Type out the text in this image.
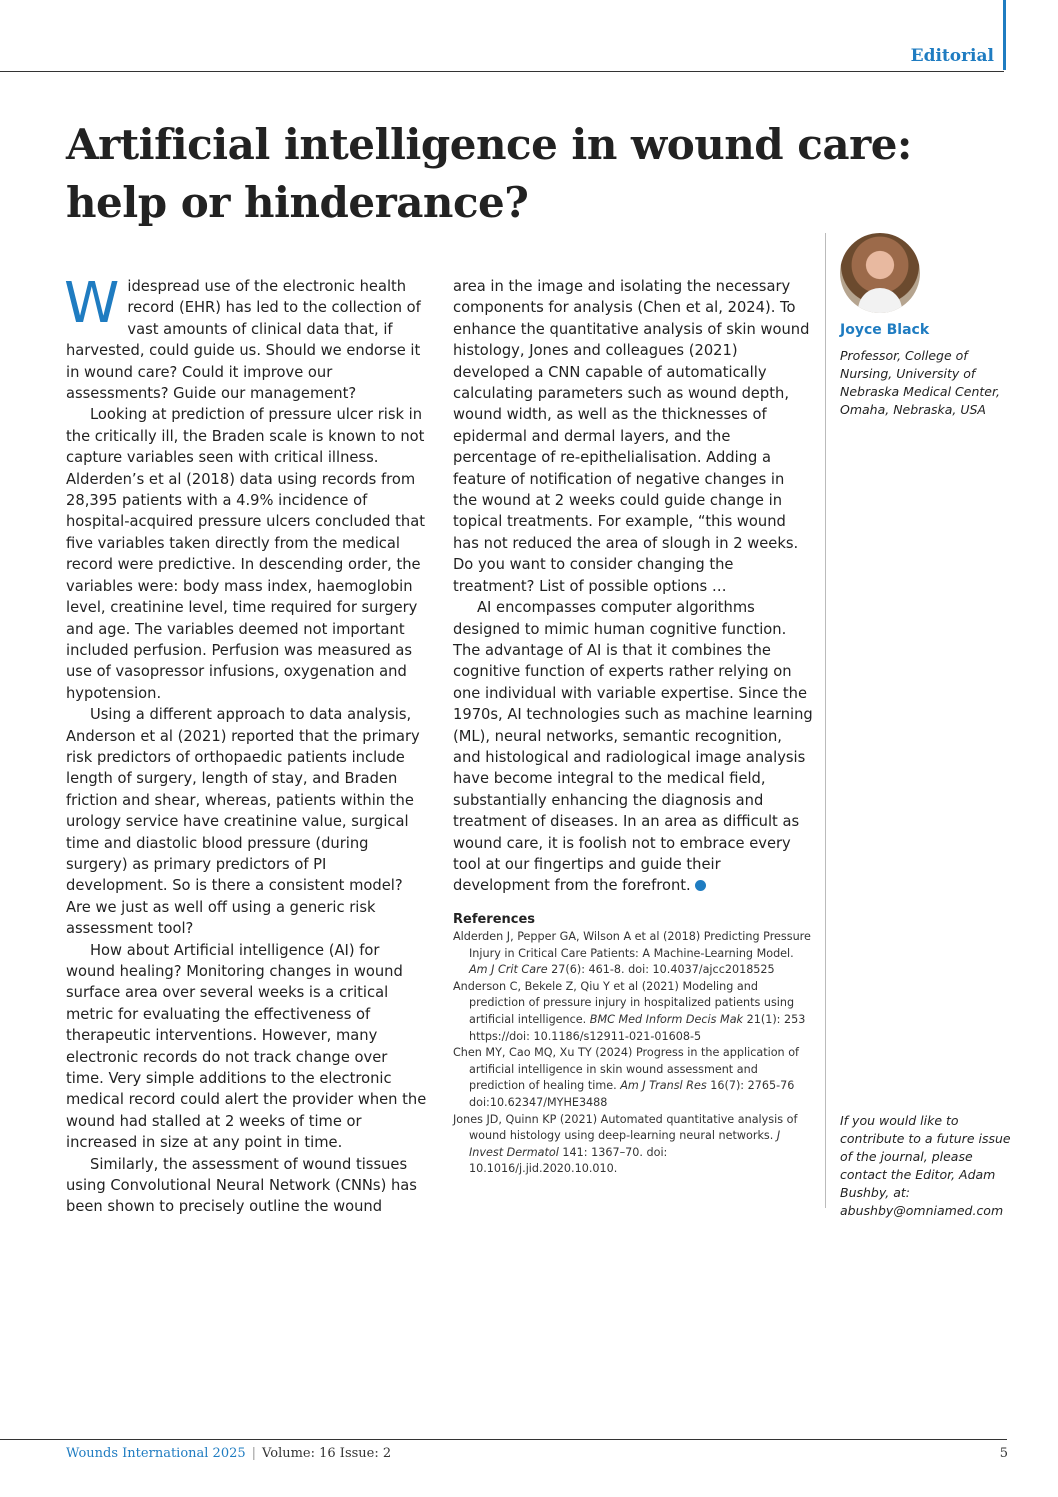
Editorial
Artificial intelligence in wound care: help or hinderance?

Widespread use of the electronic health record (EHR) has led to the collection of vast amounts of clinical data that, if harvested, could guide us. Should we endorse it in wound care? Could it improve our assessments? Guide our management?

Looking at prediction of pressure ulcer risk in the critically ill, the Braden scale is known to not capture variables seen with critical illness. Alderden’s et al (2018) data using records from 28,395 patients with a 4.9% incidence of hospital-acquired pressure ulcers concluded that five variables taken directly from the medical record were predictive. In descending order, the variables were: body mass index, haemoglobin level, creatinine level, time required for surgery and age. The variables deemed not important included perfusion. Perfusion was measured as use of vasopressor infusions, oxygenation and hypotension.

Using a different approach to data analysis, Anderson et al (2021) reported that the primary risk predictors of orthopaedic patients include length of surgery, length of stay, and Braden friction and shear, whereas, patients within the urology service have creatinine value, surgical time and diastolic blood pressure (during surgery) as primary predictors of PI development. So is there a consistent model? Are we just as well off using a generic risk assessment tool?

How about Artificial intelligence (AI) for wound healing? Monitoring changes in wound surface area over several weeks is a critical metric for evaluating the effectiveness of therapeutic interventions. However, many electronic records do not track change over time. Very simple additions to the electronic medical record could alert the provider when the wound had stalled at 2 weeks of time or increased in size at any point in time.

Similarly, the assessment of wound tissues using Convolutional Neural Network (CNNs) has been shown to precisely outline the wound

area in the image and isolating the necessary components for analysis (Chen et al, 2024). To enhance the quantitative analysis of skin wound histology, Jones and colleagues (2021) developed a CNN capable of automatically calculating parameters such as wound depth, wound width, as well as the thicknesses of epidermal and dermal layers, and the percentage of re-epithelialisation. Adding a feature of notification of negative changes in the wound at 2 weeks could guide change in topical treatments. For example, “this wound has not reduced the area of slough in 2 weeks. Do you want to consider changing the treatment? List of possible options …

AI encompasses computer algorithms designed to mimic human cognitive function. The advantage of AI is that it combines the cognitive function of experts rather relying on one individual with variable expertise. Since the 1970s, AI technologies such as machine learning (ML), neural networks, semantic recognition, and histological and radiological image analysis have become integral to the medical field, substantially enhancing the diagnosis and treatment of diseases. In an area as difficult as wound care, it is foolish not to embrace every tool at our fingertips and guide their development from the forefront.

References

Alderden J, Pepper GA, Wilson A et al (2018) Predicting Pressure Injury in Critical Care Patients: A Machine-Learning Model. Am J Crit Care 27(6): 461-8. doi: 10.4037/ajcc2018525

Anderson C, Bekele Z, Qiu Y et al (2021) Modeling and prediction of pressure injury in hospitalized patients using artificial intelligence. BMC Med Inform Decis Mak 21(1): 253 https://doi: 10.1186/s12911-021-01608-5

Chen MY, Cao MQ, Xu TY (2024) Progress in the application of artificial intelligence in skin wound assessment and prediction of healing time. Am J Transl Res 16(7): 2765-76 doi:10.62347/MYHE3488

Jones JD, Quinn KP (2021) Automated quantitative analysis of wound histology using deep-learning neural networks. J Invest Dermatol 141: 1367–70. doi: 10.1016/j.jid.2020.10.010.

Joyce Black
Professor, College of Nursing, University of Nebraska Medical Center, Omaha, Nebraska, USA
If you would like to contribute to a future issue of the journal, please contact the Editor, Adam Bushby, at: abushby@omniamed.com
Wounds International 2025 | Volume: 16 Issue: 2	5
